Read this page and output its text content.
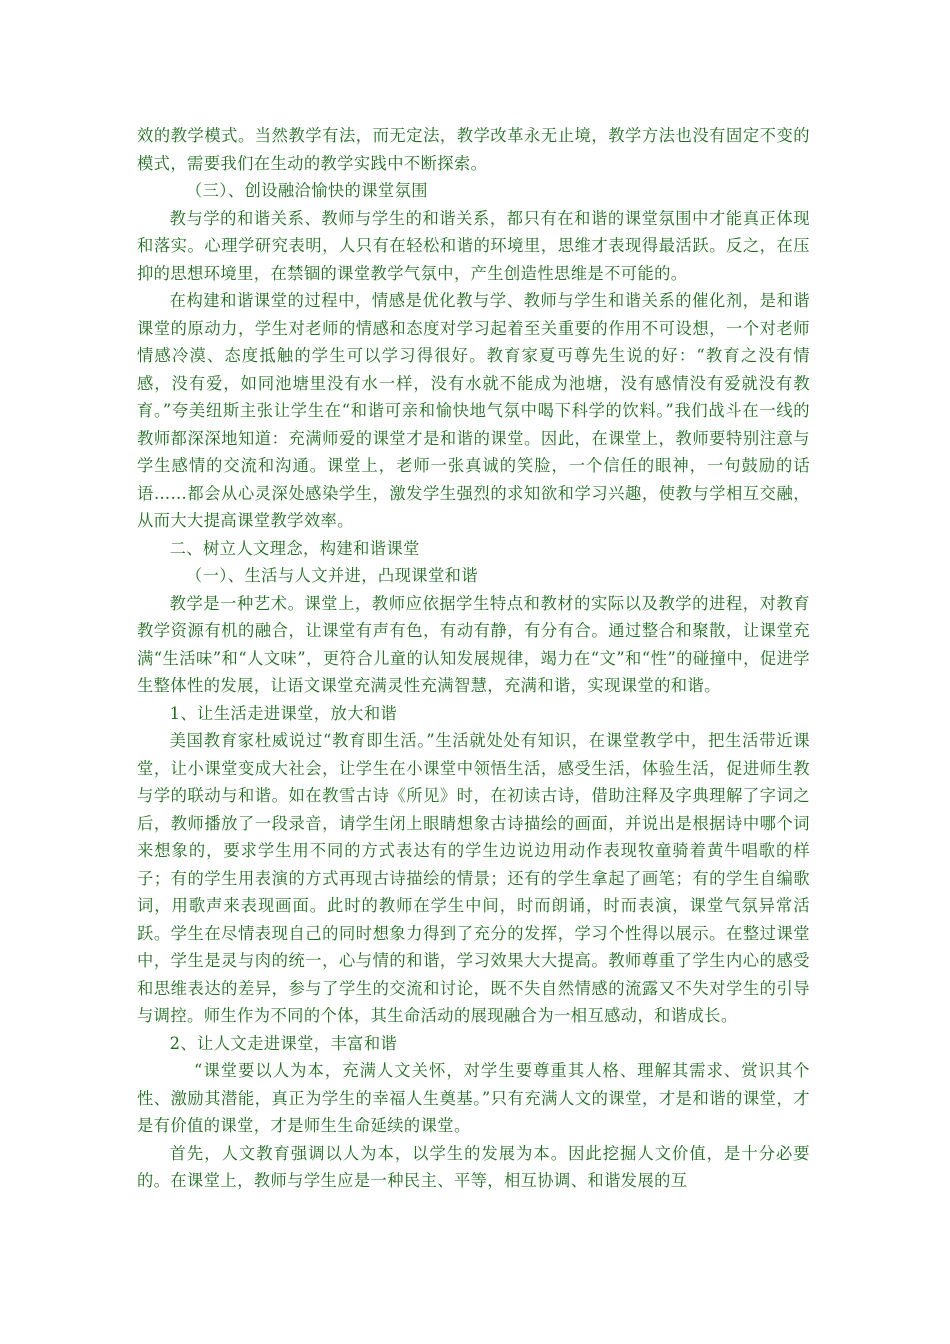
效的教学模式。当然教学有法，而无定法，教学改革永无止境，教学方法也没有固定不变的模式，需要我们在生动的教学实践中不断探索。

（三）、创设融洽愉快的课堂氛围

教与学的和谐关系、教师与学生的和谐关系，都只有在和谐的课堂氛围中才能真正体现和落实。心理学研究表明，人只有在轻松和谐的环境里，思维才表现得最活跃。反之，在压抑的思想环境里，在禁锢的课堂教学气氛中，产生创造性思维是不可能的。

在构建和谐课堂的过程中，情感是优化教与学、教师与学生和谐关系的催化剂，是和谐课堂的原动力，学生对老师的情感和态度对学习起着至关重要的作用不可设想，一个对老师情感冷漠、态度抵触的学生可以学习得很好。教育家夏丏尊先生说的好：“教育之没有情感，没有爱，如同池塘里没有水一样，没有水就不能成为池塘，没有感情没有爱就没有教育。”夸美纽斯主张让学生在“和谐可亲和愉快地气氛中喝下科学的饮料。”我们战斗在一线的教师都深深地知道：充满师爱的课堂才是和谐的课堂。因此，在课堂上，教师要特别注意与学生感情的交流和沟通。课堂上，老师一张真诚的笑脸，一个信任的眼神，一句鼓励的话语……都会从心灵深处感染学生，激发学生强烈的求知欲和学习兴趣，使教与学相互交融，从而大大提高课堂教学效率。

二、树立人文理念，构建和谐课堂

（一）、生活与人文并进，凸现课堂和谐

教学是一种艺术。课堂上，教师应依据学生特点和教材的实际以及教学的进程，对教育教学资源有机的融合，让课堂有声有色，有动有静，有分有合。通过整合和聚散，让课堂充满“生活味”和“人文味”，更符合儿童的认知发展规律，竭力在“文”和“性”的碰撞中，促进学生整体性的发展，让语文课堂充满灵性充满智慧，充满和谐，实现课堂的和谐。

1、让生活走进课堂，放大和谐

美国教育家杜威说过“教育即生活。”生活就处处有知识，在课堂教学中，把生活带近课堂，让小课堂变成大社会，让学生在小课堂中领悟生活，感受生活，体验生活，促进师生教与学的联动与和谐。如在教雪古诗《所见》时，在初读古诗，借助注释及字典理解了字词之后，教师播放了一段录音，请学生闭上眼睛想象古诗描绘的画面，并说出是根据诗中哪个词来想象的，要求学生用不同的方式表达有的学生边说边用动作表现牧童骑着黄牛唱歌的样子；有的学生用表演的方式再现古诗描绘的情景；还有的学生拿起了画笔；有的学生自编歌词，用歌声来表现画面。此时的教师在学生中间，时而朗诵，时而表演，课堂气氛异常活跃。学生在尽情表现自己的同时想象力得到了充分的发挥，学习个性得以展示。在整过课堂中，学生是灵与肉的统一，心与情的和谐，学习效果大大提高。教师尊重了学生内心的感受和思维表达的差异，参与了学生的交流和讨论，既不失自然情感的流露又不失对学生的引导与调控。师生作为不同的个体，其生命活动的展现融合为一相互感动，和谐成长。

2、让人文走进课堂，丰富和谐

“课堂要以人为本，充满人文关怀，对学生要尊重其人格、理解其需求、赏识其个性、激励其潜能，真正为学生的幸福人生奠基。”只有充满人文的课堂，才是和谐的课堂，才是有价值的课堂，才是师生生命延续的课堂。

首先，人文教育强调以人为本，以学生的发展为本。因此挖掘人文价值，是十分必要的。在课堂上，教师与学生应是一种民主、平等，相互协调、和谐发展的互
